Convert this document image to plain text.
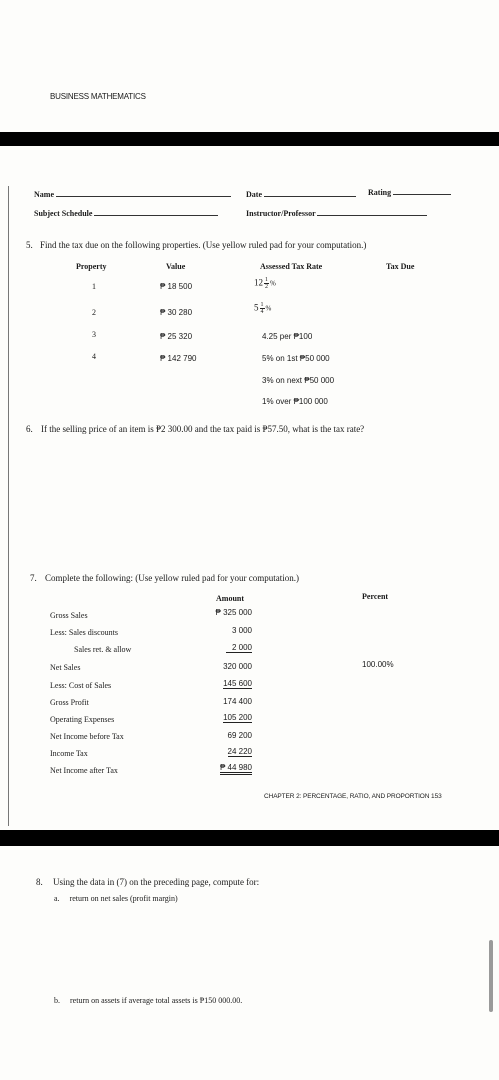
BUSINESS MATHEMATICS
Name	Date	Rating
Subject Schedule	Instructor/Professor
5. Find the tax due on the following properties. (Use yellow ruled pad for your computation.)
Property	Value	Assessed Tax Rate	Tax Due
1	₱ 18 500	$12 \frac{1}{2}$ %
2	₱ 30 280	$5 \frac{1}{4}$ %
3	₱ 25 320	4.25 per ₱100
4	₱ 142 790	5% on 1st ₱50 000
3% on next ₱50 000
1% over ₱100 000
6. If the selling price of an item is ₱2 300.00 and the tax paid is ₱57.50, what is the tax rate?
7. Complete the following: (Use yellow ruled pad for your computation.)
Amount	Percent
Gross Sales	₱ 325 000
Less: Sales discounts	3 000
Sales ret. & allow	2 000
Net Sales	320 000	100.00%
Less: Cost of Sales	145 600
Gross Profit	174 400
Operating Expenses	105 200
Net Income before Tax	69 200
Income Tax	24 220
Net Income after Tax	₱ 44 980
CHAPTER 2: PERCENTAGE, RATIO, AND PROPORTION 153
8. Using the data in (7) on the preceding page, compute for:
a. return on net sales (profit margin)
b. return on assets if average total assets is ₱150 000.00.
